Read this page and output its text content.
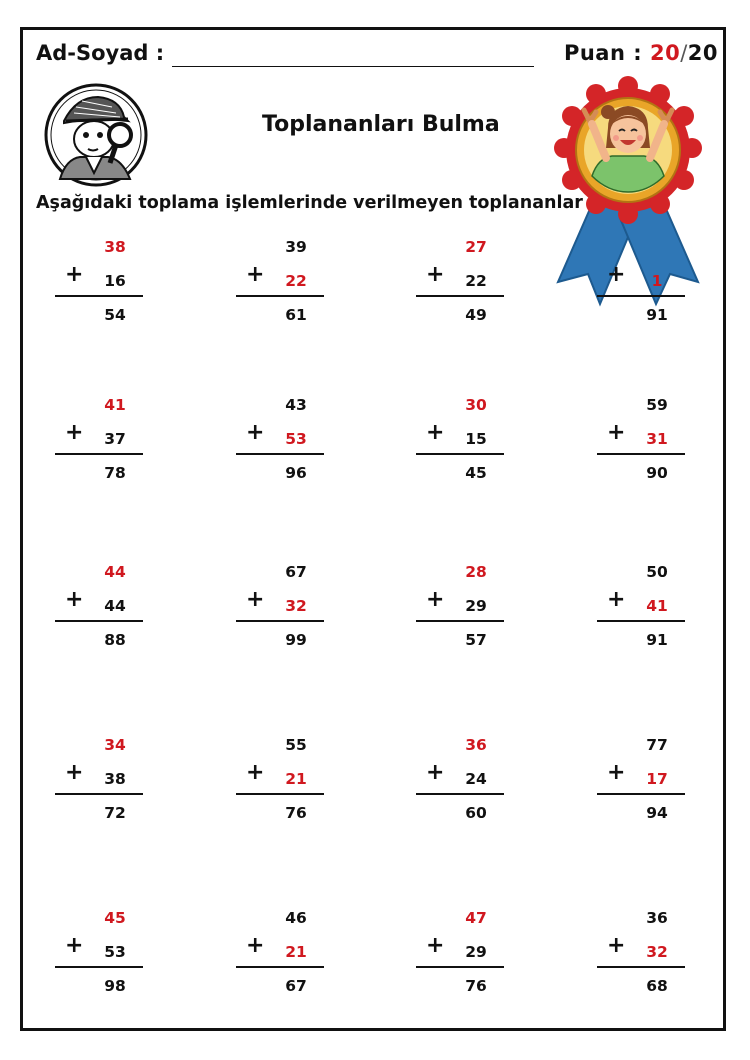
Ad-Soyad :	Puan : 20/20
Toplananları Bulma
Aşağıdaki toplama işlemlerinde verilmeyen toplananlar
38
+	16
54
39
+	22
61
27
+	22
49
+	1
91
41
+	37
78
43
+	53
96
30
+	15
45
59
+	31
90
44
+	44
88
67
+	32
99
28
+	29
57
50
+	41
91
34
+	38
72
55
+	21
76
36
+	24
60
77
+	17
94
45
+	53
98
46
+	21
67
47
+	29
76
36
+	32
68
